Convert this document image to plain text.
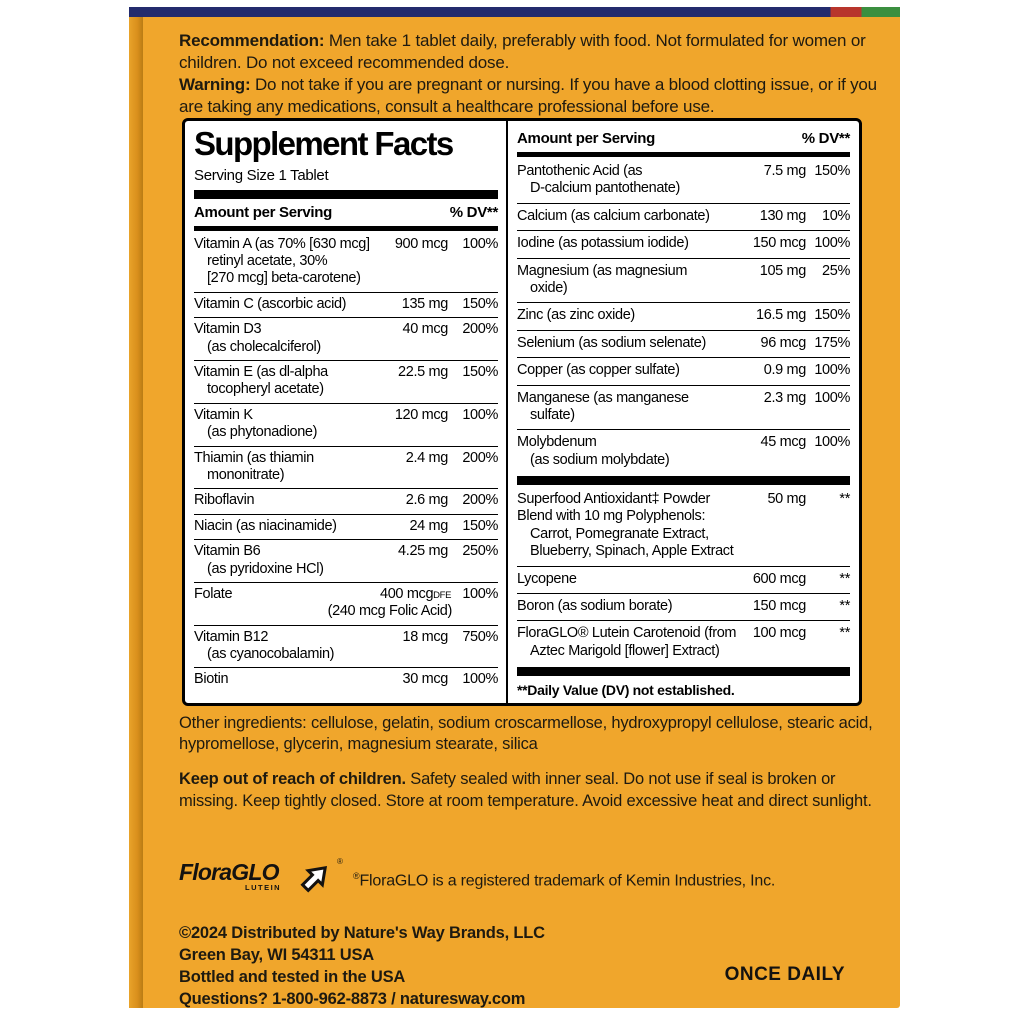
Recommendation: Men take 1 tablet daily, preferably with food. Not formulated for women or children. Do not exceed recommended dose.
Warning: Do not take if you are pregnant or nursing. If you have a blood clotting issue, or if you are taking any medications, consult a healthcare professional before use.
Supplement Facts
Serving Size 1 Tablet
Amount per Serving	% DV**
Vitamin A (as 70% [630 mcg]	900 mcg 100%
retinyl acetate, 30%
[270 mcg] beta-carotene)
Vitamin C (ascorbic acid)	135 mg 150%
Vitamin D3	40 mcg 200%
(as cholecalciferol)
Vitamin E (as dl-alpha	22.5 mg 150%
tocopheryl acetate)
Vitamin K	120 mcg 100%
(as phytonadione)
Thiamin (as thiamin	2.4 mg 200%
mononitrate)
Riboflavin	2.6 mg 200%
Niacin (as niacinamide)	24 mg 150%
Vitamin B6	4.25 mg 250%
(as pyridoxine HCl)
Folate	400 mcgDFE 100%
(240 mcg Folic Acid)
Vitamin B12	18 mcg 750%
(as cyanocobalamin)
Biotin	30 mcg 100%
Amount per Serving	% DV**
Pantothenic Acid (as	7.5 mg 150%
D-calcium pantothenate)
Calcium (as calcium carbonate)	130 mg	10%
Iodine (as potassium iodide)	150 mcg 100%
Magnesium (as magnesium	105 mg	25%
oxide)
Zinc (as zinc oxide)	16.5 mg 150%
Selenium (as sodium selenate)	96 mcg 175%
Copper (as copper sulfate)	0.9 mg 100%
Manganese (as manganese	2.3 mg 100%
sulfate)
Molybdenum	45 mcg 100%
(as sodium molybdate)
Superfood Antioxidant‡ Powder	50 mg	**
Blend with 10 mg Polyphenols:
Carrot, Pomegranate Extract,
Blueberry, Spinach, Apple Extract
Lycopene	600 mcg	**
Boron (as sodium borate)	150 mcg	**
FloraGLO® Lutein Carotenoid (from	100 mcg	**
Aztec Marigold [flower] Extract)
**Daily Value (DV) not established.
Other ingredients: cellulose, gelatin, sodium croscarmellose, hydroxypropyl cellulose, stearic acid, hypromellose, glycerin, magnesium stearate, silica
Keep out of reach of children. Safety sealed with inner seal. Do not use if seal is broken or missing. Keep tightly closed. Store at room temperature. Avoid excessive heat and direct sunlight.
FloraGLO
LUTEIN
®
®FloraGLO is a registered trademark of Kemin Industries, Inc.
©2024 Distributed by Nature's Way Brands, LLC
Green Bay, WI 54311 USA
Bottled and tested in the USA
Questions? 1-800-962-8873 / naturesway.com
ONCE DAILY
